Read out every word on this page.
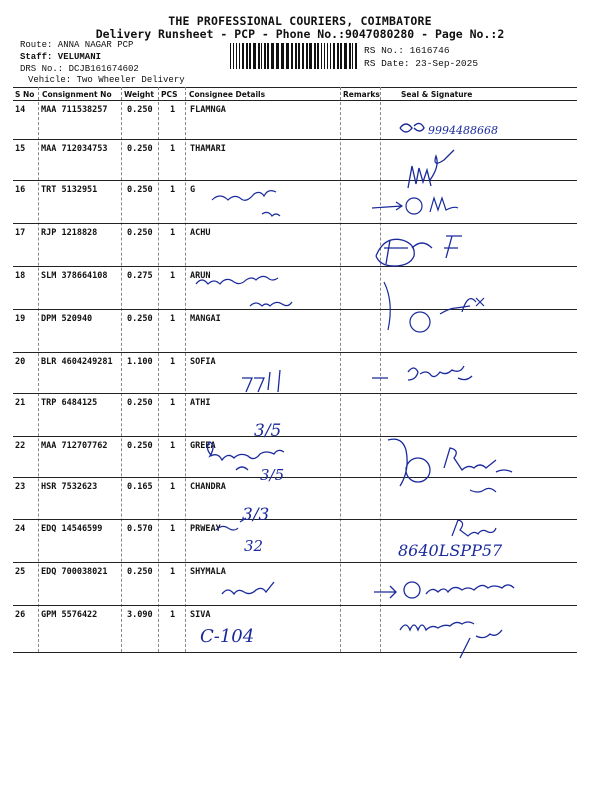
THE PROFESSIONAL COURIERS, COIMBATORE
Delivery Runsheet - PCP - Phone No.:9047080280 - Page No.:2
Route: ANNA NAGAR PCP
Staff: VELUMANI
DRS No.: DCJB161674602
Vehicle: Two Wheeler Delivery
RS No.: 1616746
RS Date: 23-Sep-2025
S No Consignment No Weight PCS Consignee Details	Remarks	Seal & Signature
14 MAA 711538257 0.250 1 FLAMNGA
15 MAA 712034753 0.250 1 THAMARI
16 TRT 5132951	0.250 1 G
17 RJP 1218828	0.250 1 ACHU
18 SLM 378664108 0.275 1 ARUN
19 DPM 520940	0.250 1 MANGAI
20 BLR 4604249281 1.100 1 SOFIA
21 TRP 6484125	0.250 1 ATHI
22 MAA 712707762 0.250 1 GREEA
23 HSR 7532623	0.165 1 CHANDRA
24 EDQ 14546599	0.570 1 PRWEAY
25 EDQ 700038021 0.250 1 SHYMALA
26 GPM 5576422	3.090 1 SIVA
9994488668
3/5
3/5
3/3
32	8640LSPP57
C-104
